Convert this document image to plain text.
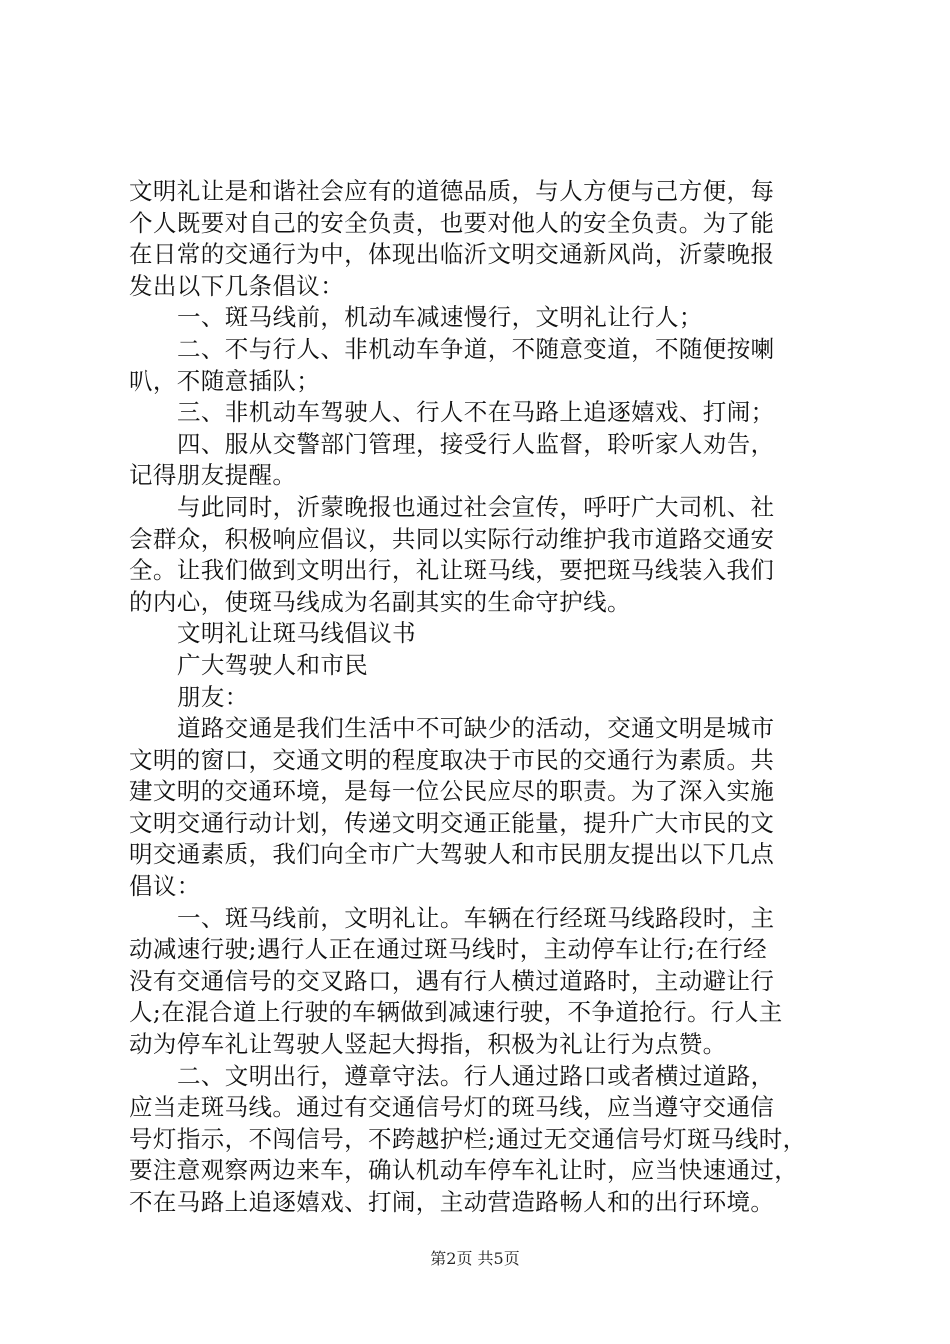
文明礼让是和谐社会应有的道德品质，与人方便与己方便，每
个人既要对自己的安全负责，也要对他人的安全负责。为了能
在日常的交通行为中，体现出临沂文明交通新风尚，沂蒙晚报
发出以下几条倡议：
一、斑马线前，机动车减速慢行，文明礼让行人；
二、不与行人、非机动车争道，不随意变道，不随便按喇
叭，不随意插队；
三、非机动车驾驶人、行人不在马路上追逐嬉戏、打闹；
四、服从交警部门管理，接受行人监督，聆听家人劝告，
记得朋友提醒。
与此同时，沂蒙晚报也通过社会宣传，呼吁广大司机、社
会群众，积极响应倡议，共同以实际行动维护我市道路交通安
全。让我们做到文明出行，礼让斑马线，要把斑马线装入我们
的内心，使斑马线成为名副其实的生命守护线。
文明礼让斑马线倡议书
广大驾驶人和市民
朋友：
道路交通是我们生活中不可缺少的活动，交通文明是城市
文明的窗口，交通文明的程度取决于市民的交通行为素质。共
建文明的交通环境，是每一位公民应尽的职责。为了深入实施
文明交通行动计划，传递文明交通正能量，提升广大市民的文
明交通素质，我们向全市广大驾驶人和市民朋友提出以下几点
倡议：
一、斑马线前，文明礼让。车辆在行经斑马线路段时，主
动减速行驶;遇行人正在通过斑马线时，主动停车让行;在行经
没有交通信号的交叉路口，遇有行人横过道路时，主动避让行
人;在混合道上行驶的车辆做到减速行驶，不争道抢行。行人主
动为停车礼让驾驶人竖起大拇指，积极为礼让行为点赞。
二、文明出行，遵章守法。行人通过路口或者横过道路，
应当走斑马线。通过有交通信号灯的斑马线，应当遵守交通信
号灯指示，不闯信号，不跨越护栏;通过无交通信号灯斑马线时，
要注意观察两边来车，确认机动车停车礼让时，应当快速通过，
不在马路上追逐嬉戏、打闹，主动营造路畅人和的出行环境。
第2页 共5页
